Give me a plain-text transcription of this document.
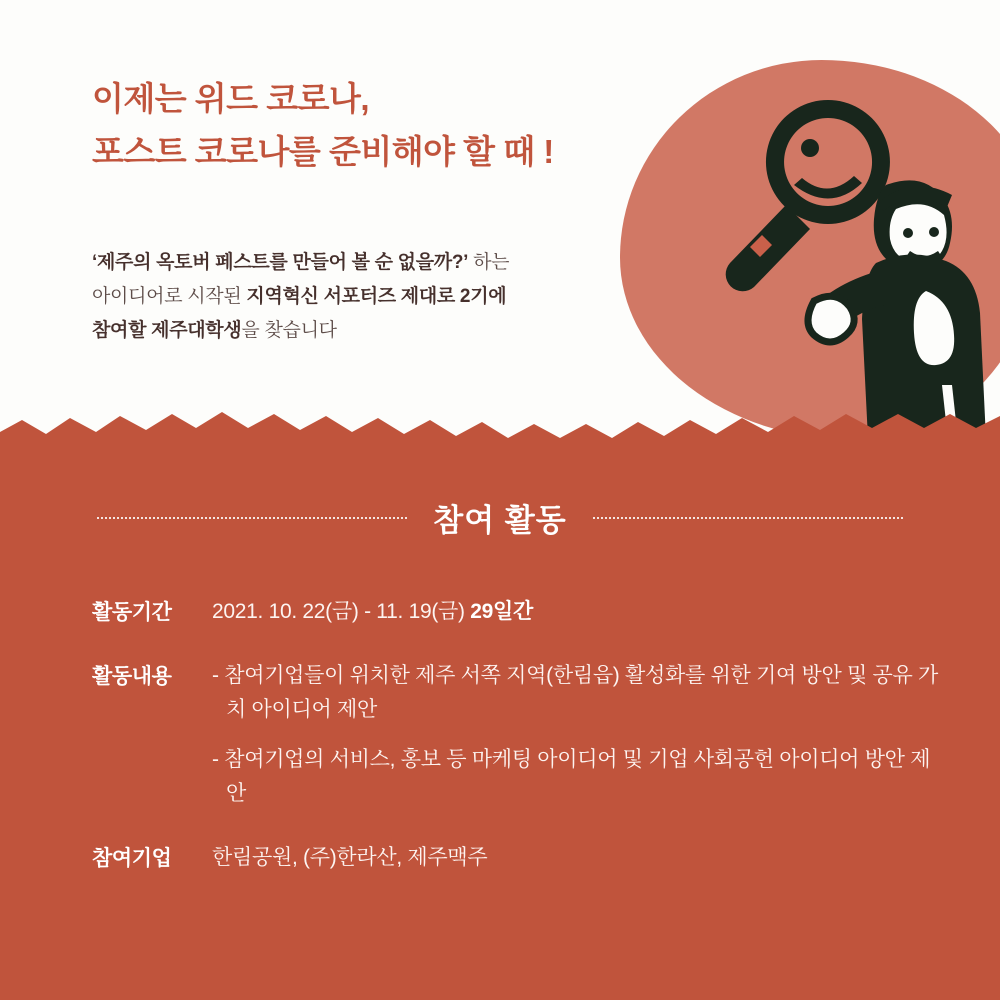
이제는 위드 코로나,
포스트 코로나를 준비해야 할 때 !
‘제주의 옥토버 페스트를 만들어 볼 순 없을까?’ 하는
아이디어로 시작된 지역혁신 서포터즈 제대로 2기에
참여할 제주대학생을 찾습니다
참여 활동
활동기간	2021. 10. 22(금) - 11. 19(금) 29일간
활동내용	- 참여기업들이 위치한 제주 서쪽 지역(한림읍) 활성화를 위한 기여 방안 및 공유 가치 아이디어 제안
- 참여기업의 서비스, 홍보 등 마케팅 아이디어 및 기업 사회공헌 아이디어 방안 제안
참여기업	한림공원, (주)한라산, 제주맥주
